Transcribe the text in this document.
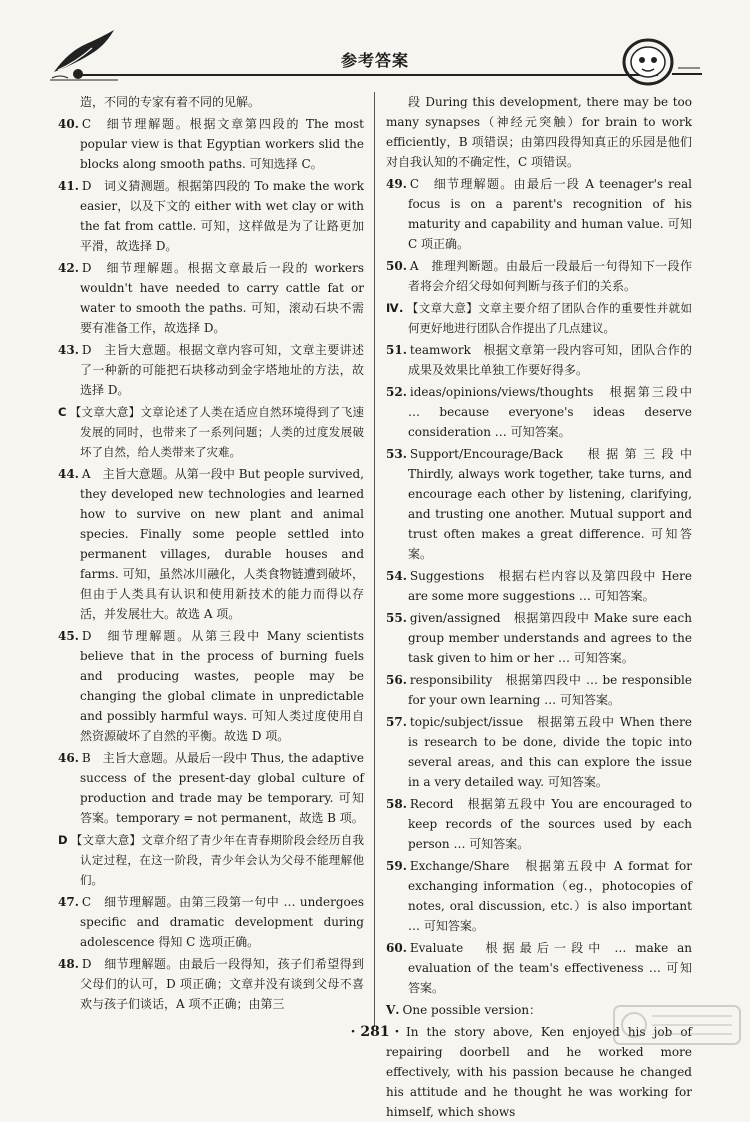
参考答案

造，不同的专家有着不同的见解。

40. C　细节理解题。根据文章第四段的 The most popular view is that Egyptian workers slid the blocks along smooth paths. 可知选择 C。

41. D　词义猜测题。根据第四段的 To make the work easier，以及下文的 either with wet clay or with the fat from cattle. 可知，这样做是为了让路更加平滑，故选择 D。

42. D　细节理解题。根据文章最后一段的 workers wouldn't have needed to carry cattle fat or water to smooth the paths. 可知，滚动石块不需要有准备工作，故选择 D。

43. D　主旨大意题。根据文章内容可知，文章主要讲述了一种新的可能把石块移动到金字塔地址的方法，故选择 D。

C 【文章大意】文章论述了人类在适应自然环境得到了飞速发展的同时，也带来了一系列问题；人类的过度发展破坏了自然，给人类带来了灾难。

44. A　主旨大意题。从第一段中 But people survived, they developed new technologies and learned how to survive on new plant and animal species. Finally some people settled into permanent villages, durable houses and farms. 可知，虽然冰川融化，人类食物链遭到破坏，但由于人类具有认识和使用新技术的能力而得以存活，并发展壮大。故选 A 项。

45. D　细节理解题。从第三段中 Many scientists believe that in the process of burning fuels and producing wastes, people may be changing the global climate in unpredictable and possibly harmful ways. 可知人类过度使用自然资源破坏了自然的平衡。故选 D 项。

46. B　主旨大意题。从最后一段中 Thus, the adaptive success of the present-day global culture of production and trade may be temporary. 可知答案。temporary = not permanent，故选 B 项。

D 【文章大意】文章介绍了青少年在青春期阶段会经历自我认定过程，在这一阶段，青少年会认为父母不能理解他们。

47. C　细节理解题。由第三段第一句中 … undergoes specific and dramatic development during adolescence 得知 C 选项正确。

48. D　细节理解题。由最后一段得知，孩子们希望得到父母们的认可，D 项正确；文章并没有谈到父母不喜欢与孩子们谈话，A 项不正确；由第三

段 During this development, there may be too many synapses（神经元突触）for brain to work efficiently，B 项错误；由第四段得知真正的乐园是他们对自我认知的不确定性，C 项错误。

49. C　细节理解题。由最后一段 A teenager's real focus is on a parent's recognition of his maturity and capability and human value. 可知 C 项正确。

50. A　推理判断题。由最后一段最后一句得知下一段作者将会介绍父母如何判断与孩子们的关系。

Ⅳ. 【文章大意】文章主要介绍了团队合作的重要性并就如何更好地进行团队合作提出了几点建议。

51. teamwork　根据文章第一段内容可知，团队合作的成果及效果比单独工作要好得多。

52. ideas/opinions/views/thoughts　根据第三段中 … because everyone's ideas deserve consideration … 可知答案。

53. Support/Encourage/Back　根据第三段中 Thirdly, always work together, take turns, and encourage each other by listening, clarifying, and trusting one another. Mutual support and trust often makes a great difference. 可知答案。

54. Suggestions　根据右栏内容以及第四段中 Here are some more suggestions … 可知答案。

55. given/assigned　根据第四段中 Make sure each group member understands and agrees to the task given to him or her … 可知答案。

56. responsibility　根据第四段中 … be responsible for your own learning … 可知答案。

57. topic/subject/issue　根据第五段中 When there is research to be done, divide the topic into several areas, and this can explore the issue in a very detailed way. 可知答案。

58. Record　根据第五段中 You are encouraged to keep records of the sources used by each person … 可知答案。

59. Exchange/Share　根据第五段中 A format for exchanging information（eg.，photocopies of notes, oral discussion, etc.）is also important … 可知答案。

60. Evaluate　根据最后一段中 … make an evaluation of the team's effectiveness … 可知答案。

Ⅴ. One possible version：

In the story above, Ken enjoyed his job of repairing doorbell and he worked more effectively, with his passion because he changed his attitude and he thought he was working for himself, which shows

· 281 ·
